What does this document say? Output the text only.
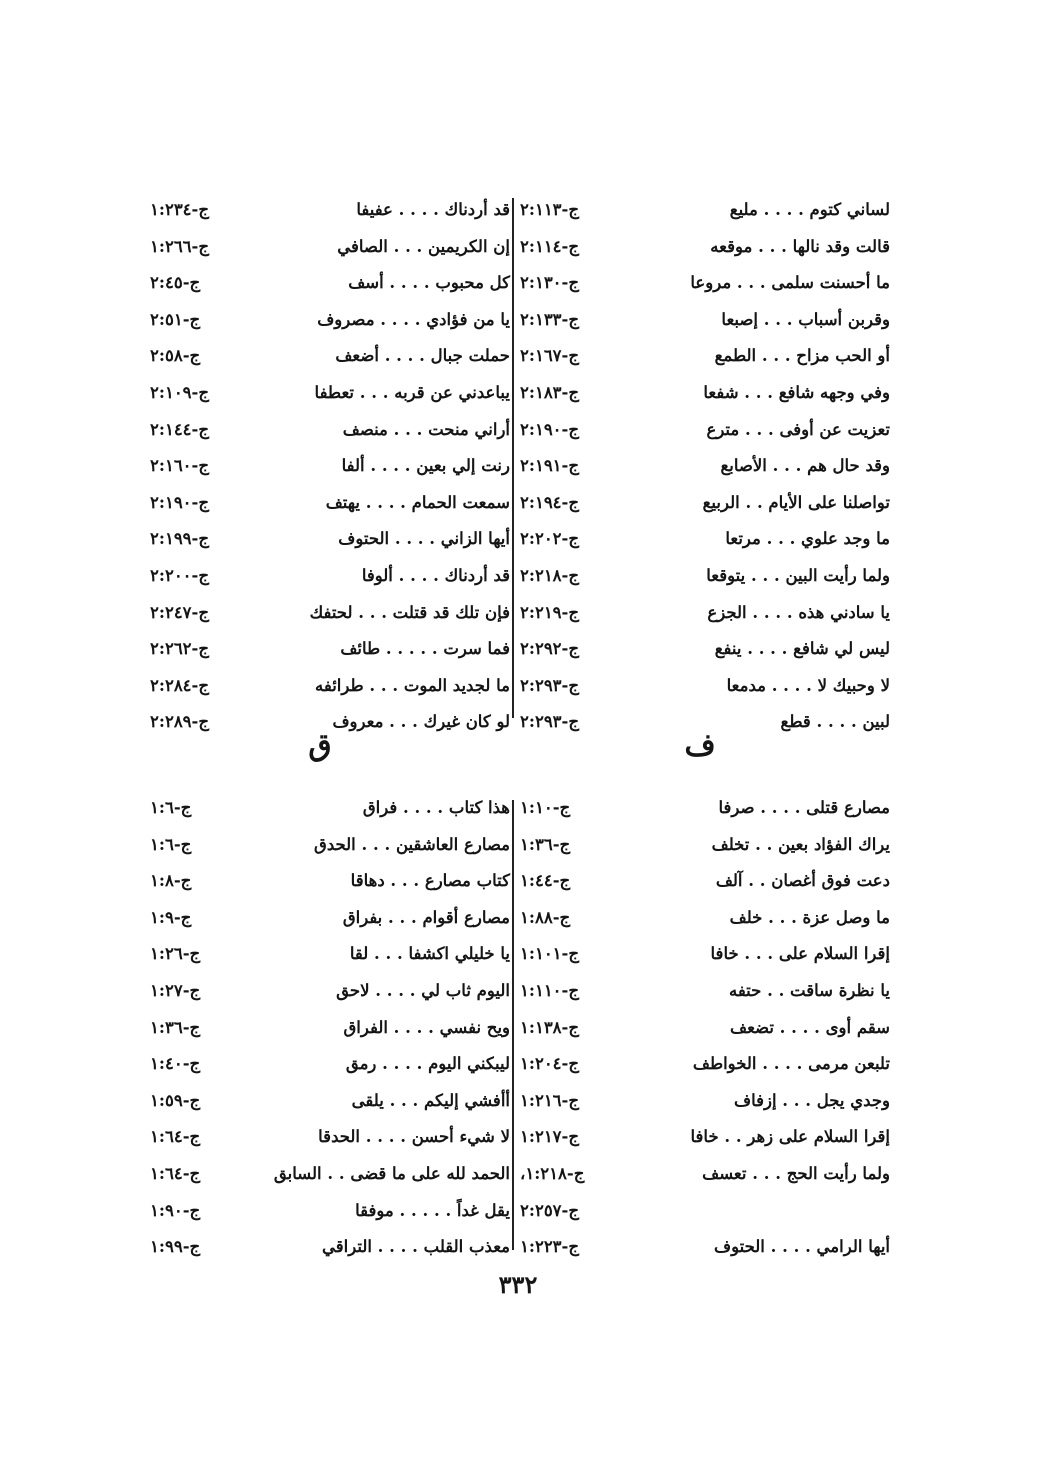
لساني كتوم . . . . مليع
ج-٢:١١٣
قالت وقد نالها . . . موقعه
ج-٢:١١٤
ما أحسنت سلمى . . . مروعا
ج-٢:١٣٠
وقربن أسباب . . . إصبعا
ج-٢:١٣٣
أو الحب مزاح . . . الطمع
ج-٢:١٦٧
وفي وجهه شافع . . . شفعا
ج-٢:١٨٣
تعزيت عن أوفى . . . مترع
ج-٢:١٩٠
وقد حال هم . . . الأصابع
ج-٢:١٩١
تواصلنا على الأيام . . الربيع
ج-٢:١٩٤
ما وجد علوي . . . مرتعا
ج-٢:٢٠٢
ولما رأيت البين . . . يتوقعا
ج-٢:٢١٨
يا سادني هذه . . . . الجزع
ج-٢:٢١٩
ليس لي شافع . . . . ينفع
ج-٢:٢٩٢
لا وحبيك لا . . . . مدمعا
ج-٢:٢٩٣
لبين . . . . قطع
ج-٢:٢٩٣
مصارع قتلى . . . . صرفا
ج-١:١٠
يراك الفؤاد بعين . . تخلف
ج-١:٣٦
دعت فوق أغصان . . آلف
ج-١:٤٤
ما وصل عزة . . . خلف
ج-١:٨٨
إقرا السلام على . . . خافا
ج-١:١٠١
يا نظرة ساقت . . حتفه
ج-١:١١٠
سقم أوى . . . . تضعف
ج-١:١٣٨
تلبعن مرمى . . . . الخواطف
ج-١:٢٠٤
وجدي يجل . . . إزفاف
ج-١:٢١٦
إقرا السلام على زهر . . خافا
ج-١:٢١٧
ولما رأيت الحج . . . تعسف
ج-١:٢١٨،
ج-٢:٢٥٧
أيها الرامي . . . . الحتوف
ج-١:٢٢٣
قد أردناك . . . . عفيفا
ج-١:٢٣٤
إن الكريمين . . . الصافي
ج-١:٢٦٦
كل محبوب . . . . أسف
ج-٢:٤٥
يا من فؤادي . . . . مصروف
ج-٢:٥١
حملت جبال . . . . أضعف
ج-٢:٥٨
يباعدني عن قربه . . . تعطفا
ج-٢:١٠٩
أراني منحت . . . منصف
ج-٢:١٤٤
رنت إلي بعين . . . . ألفا
ج-٢:١٦٠
سمعت الحمام . . . . يهتف
ج-٢:١٩٠
أيها الزاني . . . . الحتوف
ج-٢:١٩٩
قد أردناك . . . . ألوفا
ج-٢:٢٠٠
فإن تلك قد قتلت . . . لحتفك
ج-٢:٢٤٧
فما سرت . . . . . طائف
ج-٢:٢٦٢
ما لجديد الموت . . . طرائفه
ج-٢:٢٨٤
لو كان غيرك . . . معروف
ج-٢:٢٨٩
هذا كتاب . . . . فراق
ج-١:٦
مصارع العاشقين . . . الحدق
ج-١:٦
كتاب مصارع . . . دهاقا
ج-١:٨
مصارع أقوام . . . بفراق
ج-١:٩
يا خليلي اكشفا . . . لقا
ج-١:٢٦
اليوم ثاب لي . . . . لاحق
ج-١:٢٧
ويح نفسي . . . . الفراق
ج-١:٣٦
ليبكني اليوم . . . . رمق
ج-١:٤٠
أأفشي إليكم . . . يلقى
ج-١:٥٩
لا شيء أحسن . . . . الحدقا
ج-١:٦٤
الحمد لله على ما قضى . . السابق
ج-١:٦٤
يقل غداً . . . . . موفقا
ج-١:٩٠
معذب القلب . . . . التراقي
ج-١:٩٩
ف
ق
٣٣٢
